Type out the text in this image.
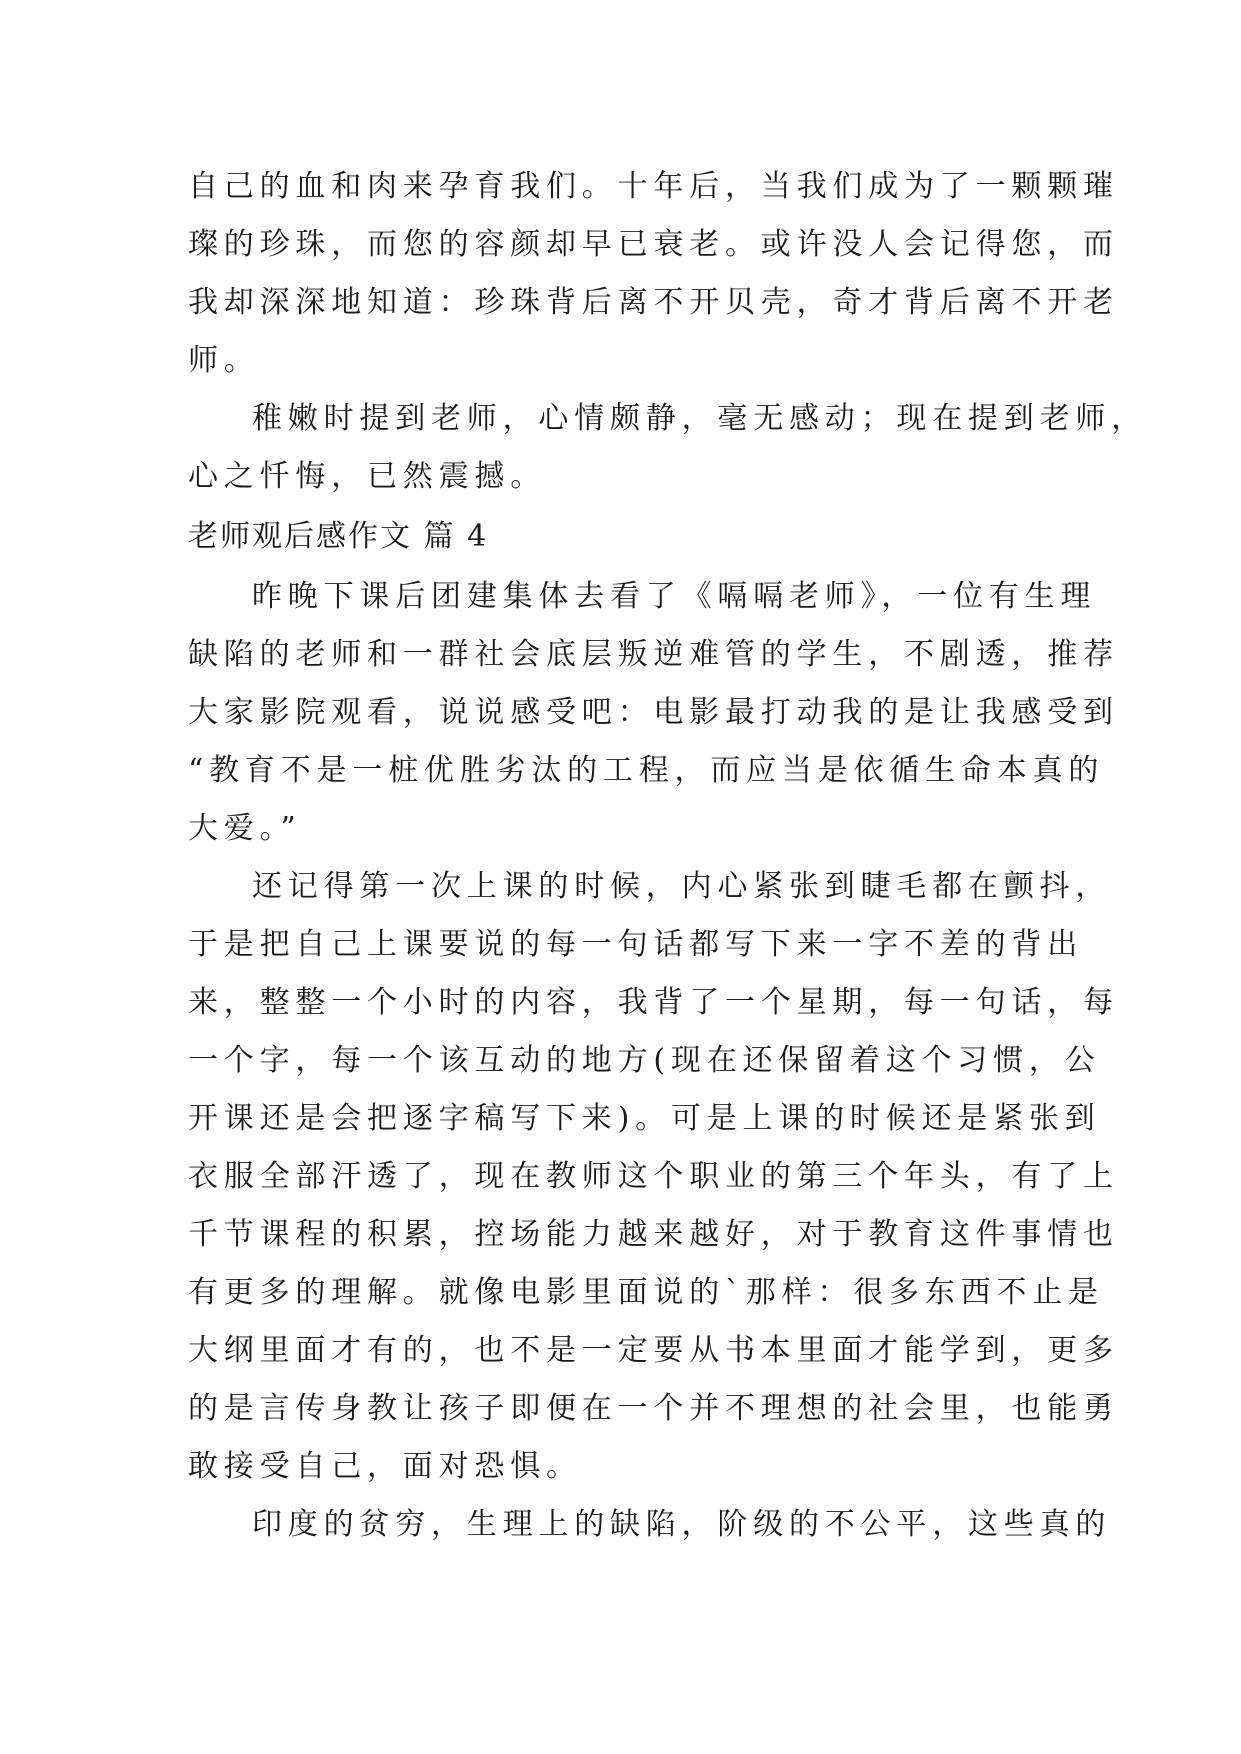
自己的血和肉来孕育我们。十年后，当我们成为了一颗颗璀
璨的珍珠，而您的容颜却早已衰老。或许没人会记得您，而
我却深深地知道：珍珠背后离不开贝壳，奇才背后离不开老
师。
稚嫩时提到老师，心情颇静，毫无感动；现在提到老师，
心之忏悔，已然震撼。
老师观后感作文 篇 4
昨晚下课后团建集体去看了《嗝嗝老师》，一位有生理
缺陷的老师和一群社会底层叛逆难管的学生，不剧透，推荐
大家影院观看，说说感受吧：电影最打动我的是让我感受到
“教育不是一桩优胜劣汰的工程，而应当是依循生命本真的
大爱。”
还记得第一次上课的时候，内心紧张到睫毛都在颤抖，
于是把自己上课要说的每一句话都写下来一字不差的背出
来，整整一个小时的内容，我背了一个星期，每一句话，每
一个字，每一个该互动的地方(现在还保留着这个习惯，公
开课还是会把逐字稿写下来)。可是上课的时候还是紧张到
衣服全部汗透了，现在教师这个职业的第三个年头，有了上
千节课程的积累，控场能力越来越好，对于教育这件事情也
有更多的理解。就像电影里面说的`那样：很多东西不止是
大纲里面才有的，也不是一定要从书本里面才能学到，更多
的是言传身教让孩子即便在一个并不理想的社会里，也能勇
敢接受自己，面对恐惧。
印度的贫穷，生理上的缺陷，阶级的不公平，这些真的
